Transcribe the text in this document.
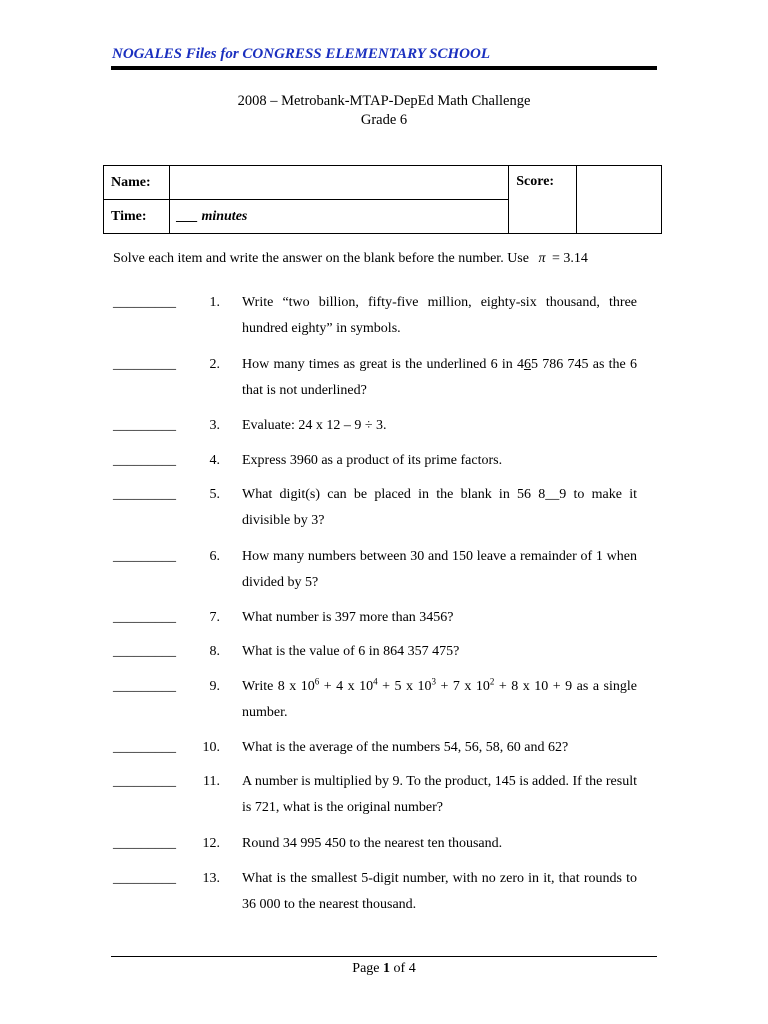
NOGALES Files for CONGRESS ELEMENTARY SCHOOL
2008 – Metrobank-MTAP-DepEd Math Challenge
Grade 6
Name:		Score:	
Time:	___ minutes		
Solve each item and write the answer on the blank before the number. Use π = 3.14
_________	1. Write “two billion, fifty-five million, eighty-six thousand, three hundred eighty” in symbols.
_________	2. How many times as great is the underlined 6 in 465 786 745 as the 6 that is not underlined?
_________	3. Evaluate: 24 x 12 – 9 ÷ 3.
_________	4. Express 3960 as a product of its prime factors.
_________	5. What digit(s) can be placed in the blank in 56 8__9 to make it divisible by 3?
_________	6. How many numbers between 30 and 150 leave a remainder of 1 when divided by 5?
_________	7. What number is 397 more than 3456?
_________	8. What is the value of 6 in 864 357 475?
_________	9. Write 8 x $10^6 + 4$ x $10^4 + 5$ x $10^3 + 7$ x $10^2 + 8$ x 10 + 9 as a single number.
_________	10. What is the average of the numbers 54, 56, 58, 60 and 62?
_________	11. A number is multiplied by 9. To the product, 145 is added. If the result is 721, what is the original number?
_________	12. Round 34 995 450 to the nearest ten thousand.
_________	13. What is the smallest 5-digit number, with no zero in it, that rounds to 36 000 to the nearest thousand.
Page 1 of 4
